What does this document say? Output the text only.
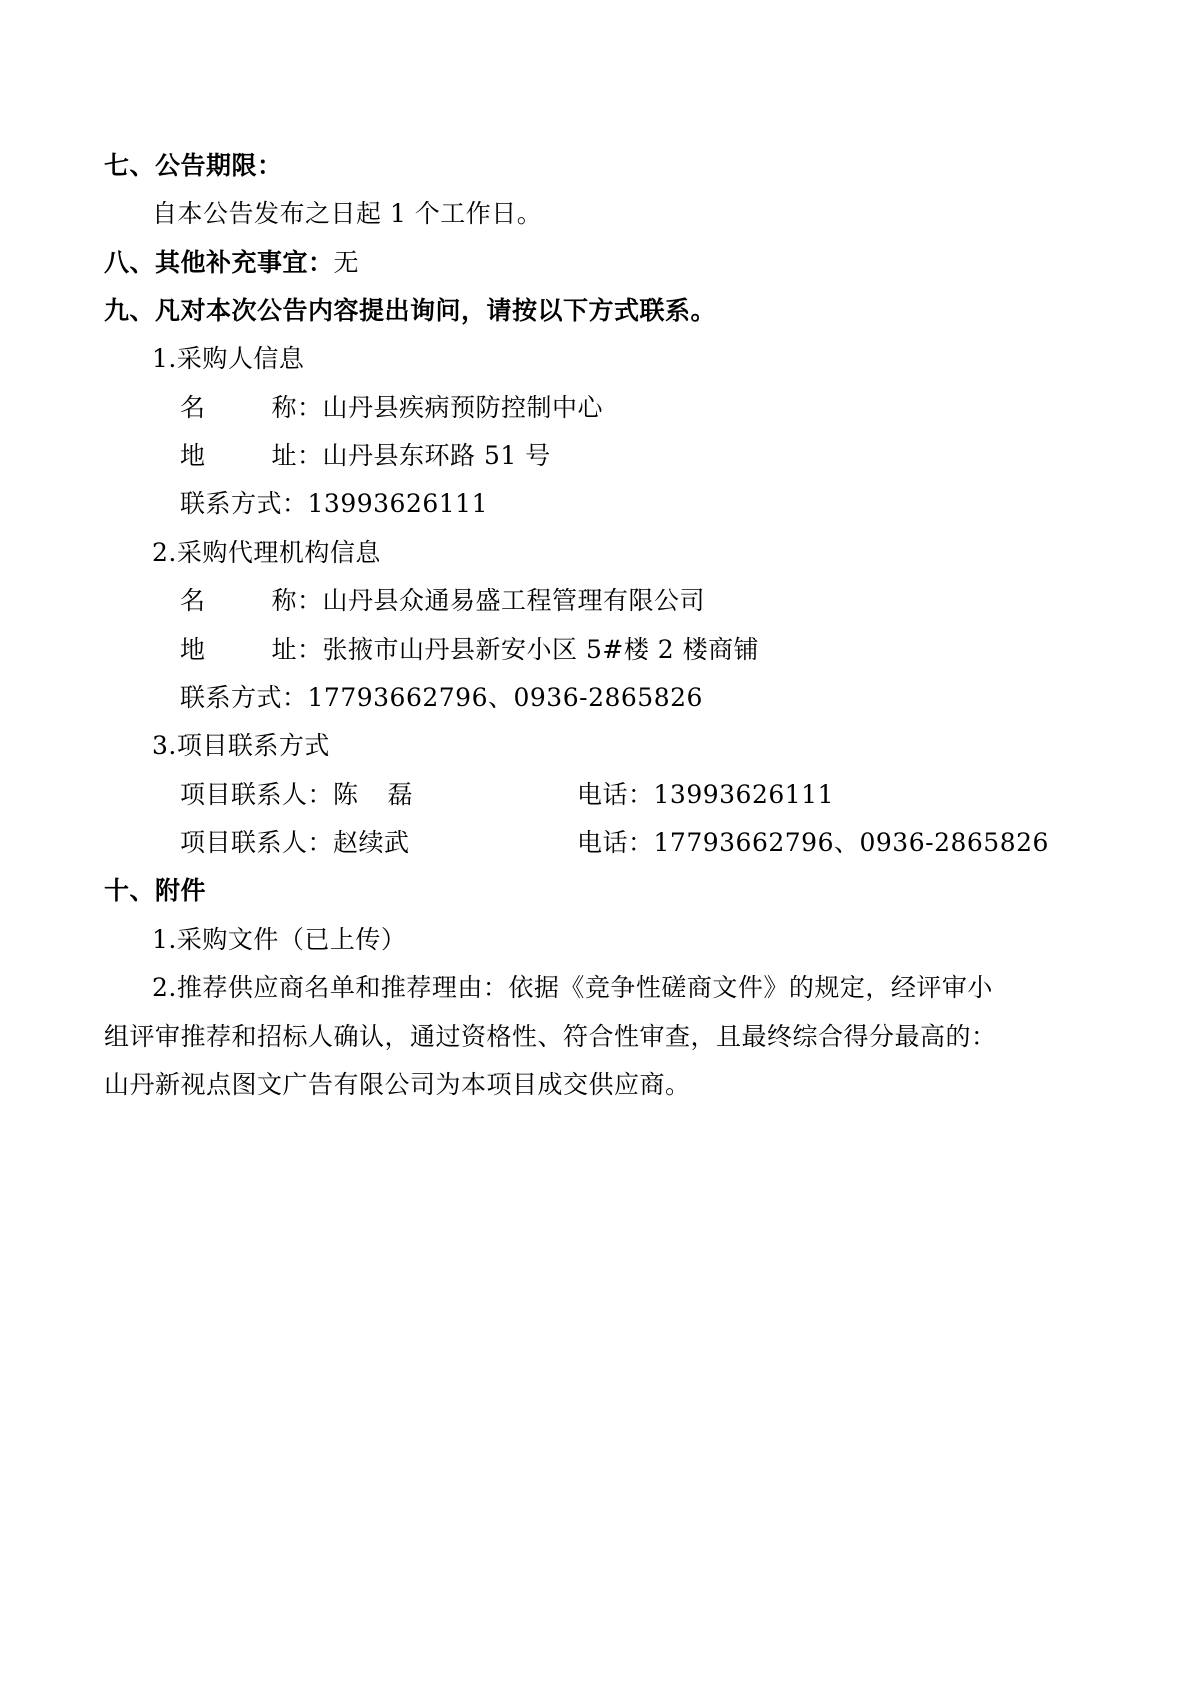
七、公告期限：
自本公告发布之日起 1 个工作日。
八、其他补充事宜：无
九、凡对本次公告内容提出询问，请按以下方式联系。
1.采购人信息
名	称 ：山丹县疾病预防控制中心
地	址 ：山丹县东环路 51 号
联系方式：13993626111
2.采购代理机构信息
名	称 ：山丹县众通易盛工程管理有限公司
地	址 ：张掖市山丹县新安小区 5#楼 2 楼商铺
联系方式：17793662796、0936-2865826
3.项目联系方式
项目联系人： 陈 磊	电话：13993626111
项目联系人：赵续武	电话：17793662796、0936-2865826
十、附件
1.采购文件（已上传）
2.推荐供应商名单和推荐理由：依据《竞争性磋商文件》的规定，经评审小
组评审推荐和招标人确认，通过资格性、符合性审查，且最终综合得分最高的：
山丹新视点图文广告有限公司为本项目成交供应商。
